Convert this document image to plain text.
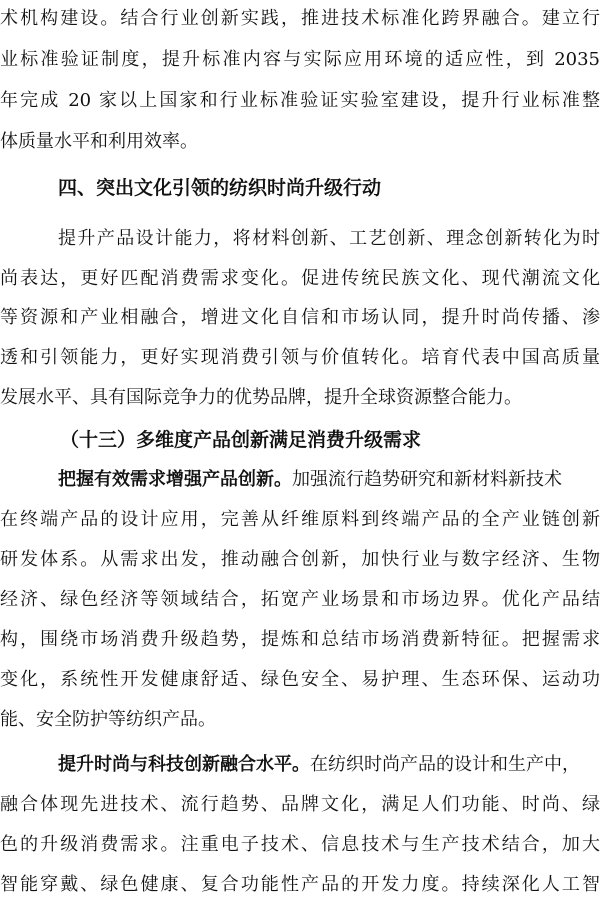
术机构建设。结合行业创新实践，推进技术标准化跨界融合。建立行
业标准验证制度，提升标准内容与实际应用环境的适应性，到 2035
年完成 20 家以上国家和行业标准验证实验室建设，提升行业标准整
体质量水平和利用效率。
四、突出文化引领的纺织时尚升级行动
提升产品设计能力，将材料创新、工艺创新、理念创新转化为时
尚表达，更好匹配消费需求变化。促进传统民族文化、现代潮流文化
等资源和产业相融合，增进文化自信和市场认同，提升时尚传播、渗
透和引领能力，更好实现消费引领与价值转化。培育代表中国高质量
发展水平、具有国际竞争力的优势品牌，提升全球资源整合能力。
（十三）多维度产品创新满足消费升级需求
把握有效需求增强产品创新。加强流行趋势研究和新材料新技术
在终端产品的设计应用，完善从纤维原料到终端产品的全产业链创新
研发体系。从需求出发，推动融合创新，加快行业与数字经济、生物
经济、绿色经济等领域结合，拓宽产业场景和市场边界。优化产品结
构，围绕市场消费升级趋势，提炼和总结市场消费新特征。把握需求
变化，系统性开发健康舒适、绿色安全、易护理、生态环保、运动功
能、安全防护等纺织产品。
提升时尚与科技创新融合水平。在纺织时尚产品的设计和生产中，
融合体现先进技术、流行趋势、品牌文化，满足人们功能、时尚、绿
色的升级消费需求。注重电子技术、信息技术与生产技术结合，加大
智能穿戴、绿色健康、复合功能性产品的开发力度。持续深化人工智
